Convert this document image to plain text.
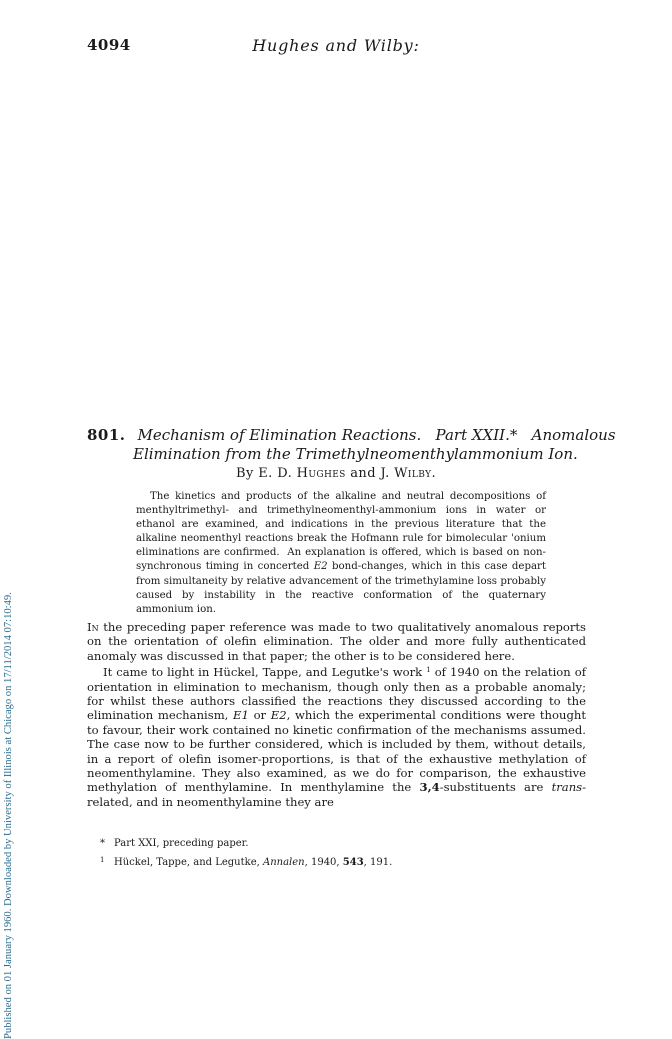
4094	Hughes and Wilby:
Published on 01 January 1960. Downloaded by University of Illinois at Chicago on 17/11/2014 07:10:49.
801. Mechanism of Elimination Reactions.   Part XXII.*   Anomalous
Elimination from the Trimethylneomenthylammonium Ion.
By E. D. Hughes and J. Wilby.

The kinetics and products of the alkaline and neutral decompositions of menthyltrimethyl- and trimethylneomenthyl-ammonium ions in water or ethanol are examined, and indications in the previous literature that the alkaline neomenthyl reactions break the Hofmann rule for bimolecular 'onium eliminations are confirmed. An explanation is offered, which is based on non-synchronous timing in concerted E2 bond-changes, which in this case depart from simultaneity by relative advancement of the trimethylamine loss probably caused by instability in the reactive conformation of the quaternary ammonium ion.

In the preceding paper reference was made to two qualitatively anomalous reports on the orientation of olefin elimination. The older and more fully authenticated anomaly was discussed in that paper; the other is to be considered here.

It came to light in Hückel, Tappe, and Legutke's work $^1$ of 1940 on the relation of orientation in elimination to mechanism, though only then as a probable anomaly; for whilst these authors classified the reactions they discussed according to the elimination mechanism, E1 or E2, which the experimental conditions were thought to favour, their work contained no kinetic confirmation of the mechanisms assumed. The case now to be further considered, which is included by them, without details, in a report of olefin isomer-proportions, is that of the exhaustive methylation of neomenthylamine. They also examined, as we do for comparison, the exhaustive methylation of menthylamine. In menthylamine the 3,4-substituents are trans-related, and in neomenthylamine they are

* Part XXI, preceding paper.
$^1$ Hückel, Tappe, and Legutke, Annalen, 1940, 543, 191.
